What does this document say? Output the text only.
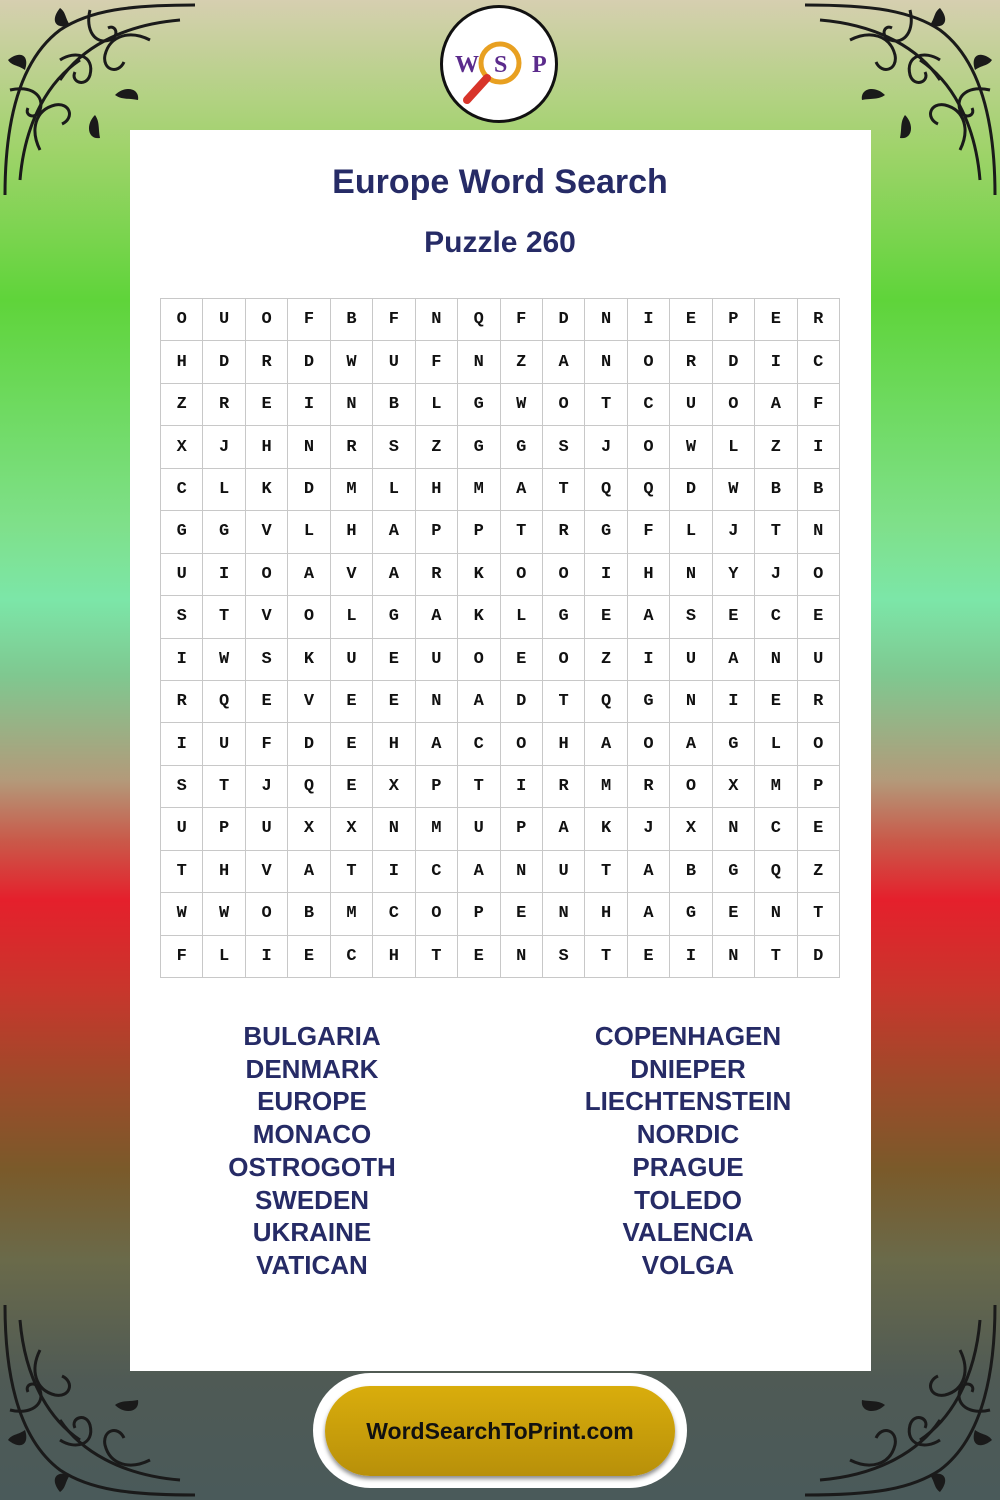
W S P
Europe Word Search
Puzzle 260
O	U	O	F	B	F	N	Q	F	D	N	I	E	P	E	R
H	D	R	D	W	U	F	N	Z	A	N	O	R	D	I	C
Z	R	E	I	N	B	L	G	W	O	T	C	U	O	A	F
X	J	H	N	R	S	Z	G	G	S	J	O	W	L	Z	I
C	L	K	D	M	L	H	M	A	T	Q	Q	D	W	B	B
G	G	V	L	H	A	P	P	T	R	G	F	L	J	T	N
U	I	O	A	V	A	R	K	O	O	I	H	N	Y	J	O
S	T	V	O	L	G	A	K	L	G	E	A	S	E	C	E
I	W	S	K	U	E	U	O	E	O	Z	I	U	A	N	U
R	Q	E	V	E	E	N	A	D	T	Q	G	N	I	E	R
I	U	F	D	E	H	A	C	O	H	A	O	A	G	L	O
S	T	J	Q	E	X	P	T	I	R	M	R	O	X	M	P
U	P	U	X	X	N	M	U	P	A	K	J	X	N	C	E
T	H	V	A	T	I	C	A	N	U	T	A	B	G	Q	Z
W	W	O	B	M	C	O	P	E	N	H	A	G	E	N	T
F	L	I	E	C	H	T	E	N	S	T	E	I	N	T	D
BULGARIA
DENMARK
EUROPE
MONACO
OSTROGOTH
SWEDEN
UKRAINE
VATICAN
COPENHAGEN
DNIEPER
LIECHTENSTEIN
NORDIC
PRAGUE
TOLEDO
VALENCIA
VOLGA
WordSearchToPrint.com
